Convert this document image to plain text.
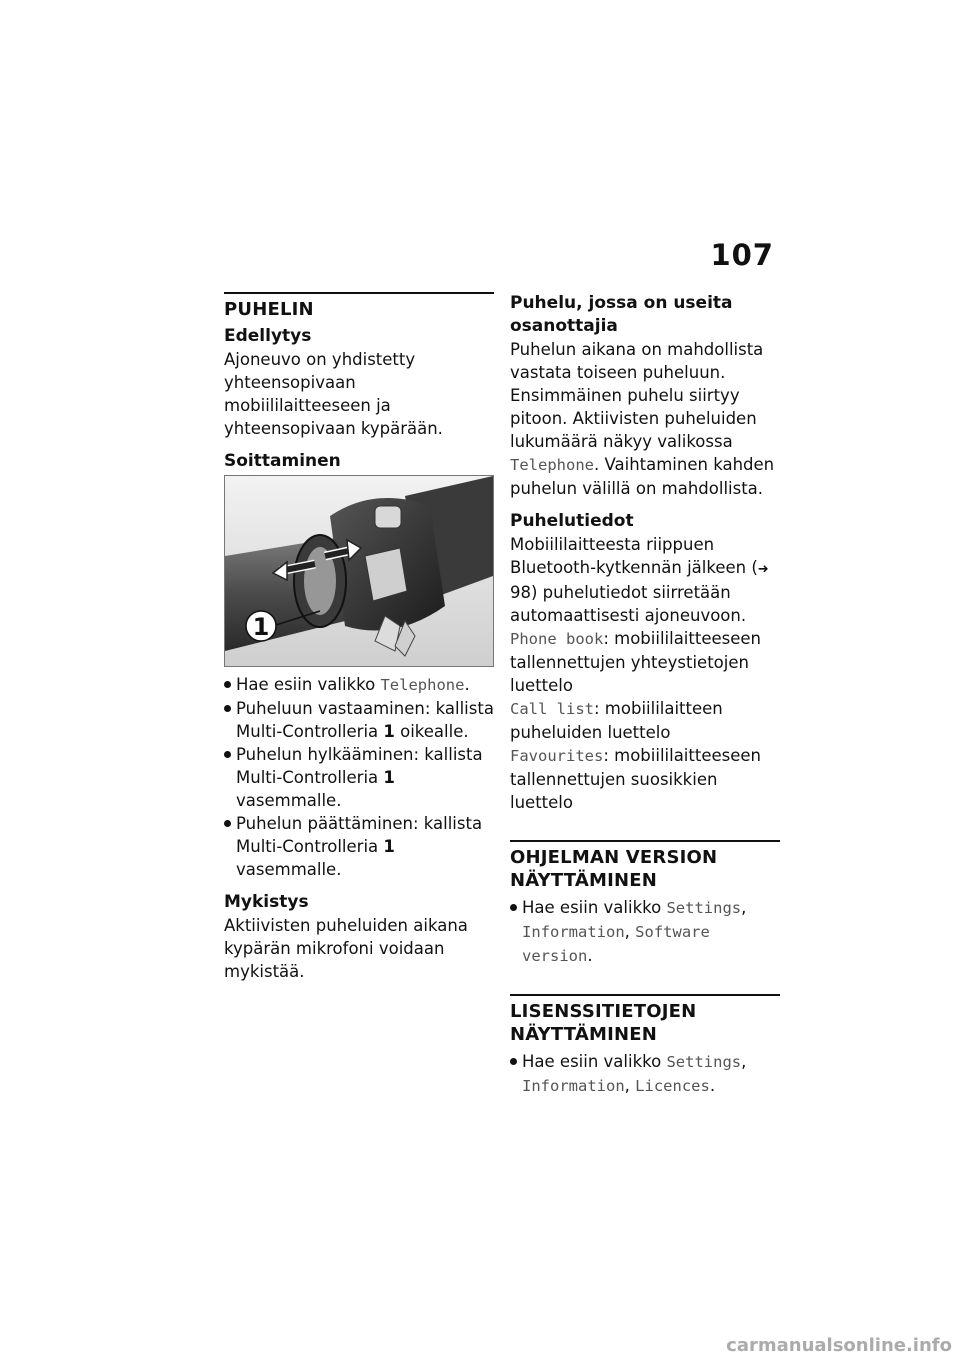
107
PUHELIN
Edellytys

Ajoneuvo on yhdistetty yhteensopivaan mobiililaitteeseen ja yhteensopivaan kypärään.

Soittaminen
1
Hae esiin valikko Telephone.
Puheluun vastaaminen: kallista Multi-Controlleria 1 oikealle.
Puhelun hylkääminen: kallista Multi-Controlleria 1 vasemmalle.
Puhelun päättäminen: kallista Multi-Controlleria 1 vasemmalle.
Mykistys

Aktiivisten puheluiden aikana kypärän mikrofoni voidaan mykistää.

Puhelu, jossa on useita osanottajia

Puhelun aikana on mahdollista vastata toiseen puheluun. Ensimmäinen puhelu siirtyy pitoon. Aktiivisten puheluiden lukumäärä näkyy valikossa Telephone. Vaihtaminen kahden puhelun välillä on mahdollista.

Puhelutiedot

Mobiililaitteesta riippuen Bluetooth-kytkennän jälkeen (➜ 98) puhelutiedot siirretään automaattisesti ajoneuvoon.

Phone book: mobiililaitteeseen tallennettujen yhteystietojen luettelo

Call list: mobiililaitteen puheluiden luettelo

Favourites: mobiililaitteeseen tallennettujen suosikkien luettelo

OHJELMAN VERSION NÄYTTÄMINEN
Hae esiin valikko Settings, Information, Software version.
LISENSSITIETOJEN NÄYTTÄMINEN
Hae esiin valikko Settings, Information, Licences.
carmanualsonline.info
